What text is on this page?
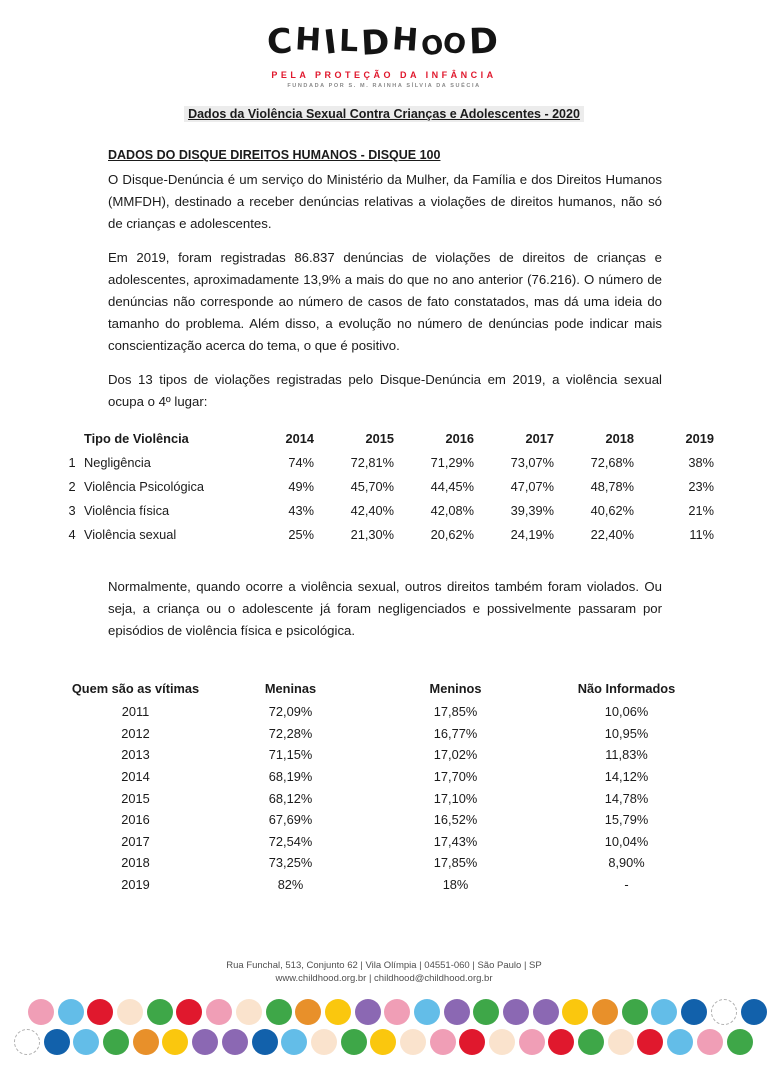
CHILDHOOD
PELA PROTEÇÃO DA INFÂNCIA
FUNDADA POR S. M. RAINHA SÍLVIA DA SUÉCIA
Dados da Violência Sexual Contra Crianças e Adolescentes - 2020
DADOS DO DISQUE DIREITOS HUMANOS - DISQUE 100
O Disque-Denúncia é um serviço do Ministério da Mulher, da Família e dos Direitos Humanos (MMFDH), destinado a receber denúncias relativas a violações de direitos humanos, não só de crianças e adolescentes.
Em 2019, foram registradas 86.837 denúncias de violações de direitos de crianças e adolescentes, aproximadamente 13,9% a mais do que no ano anterior (76.216). O número de denúncias não corresponde ao número de casos de fato constatados, mas dá uma ideia do tamanho do problema. Além disso, a evolução no número de denúncias pode indicar mais conscientização acerca do tema, o que é positivo.
Dos 13 tipos de violações registradas pelo Disque-Denúncia em 2019, a violência sexual ocupa o 4º lugar:
Tipo de Violência	2014	2015	2016	2017	2018	2019
1 Negligência	74%	72,81%	71,29%	73,07%	72,68%	38%
2 Violência Psicológica	49%	45,70%	44,45%	47,07%	48,78%	23%
3 Violência física	43%	42,40%	42,08%	39,39%	40,62%	21%
4 Violência sexual	25%	21,30%	20,62%	24,19%	22,40%	11%
Normalmente, quando ocorre a violência sexual, outros direitos também foram violados. Ou seja, a criança ou o adolescente já foram negligenciados e possivelmente passaram por episódios de violência física e psicológica.
Quem são as vítimas	Meninas	Meninos	Não Informados
2011	72,09%	17,85%	10,06%
2012	72,28%	16,77%	10,95%
2013	71,15%	17,02%	11,83%
2014	68,19%	17,70%	14,12%
2015	68,12%	17,10%	14,78%
2016	67,69%	16,52%	15,79%
2017	72,54%	17,43%	10,04%
2018	73,25%	17,85%	8,90%
2019	82%	18%	-
Rua Funchal, 513, Conjunto 62 | Vila Olímpia | 04551-060 | São Paulo | SP
www.childhood.org.br | childhood@childhood.org.br
